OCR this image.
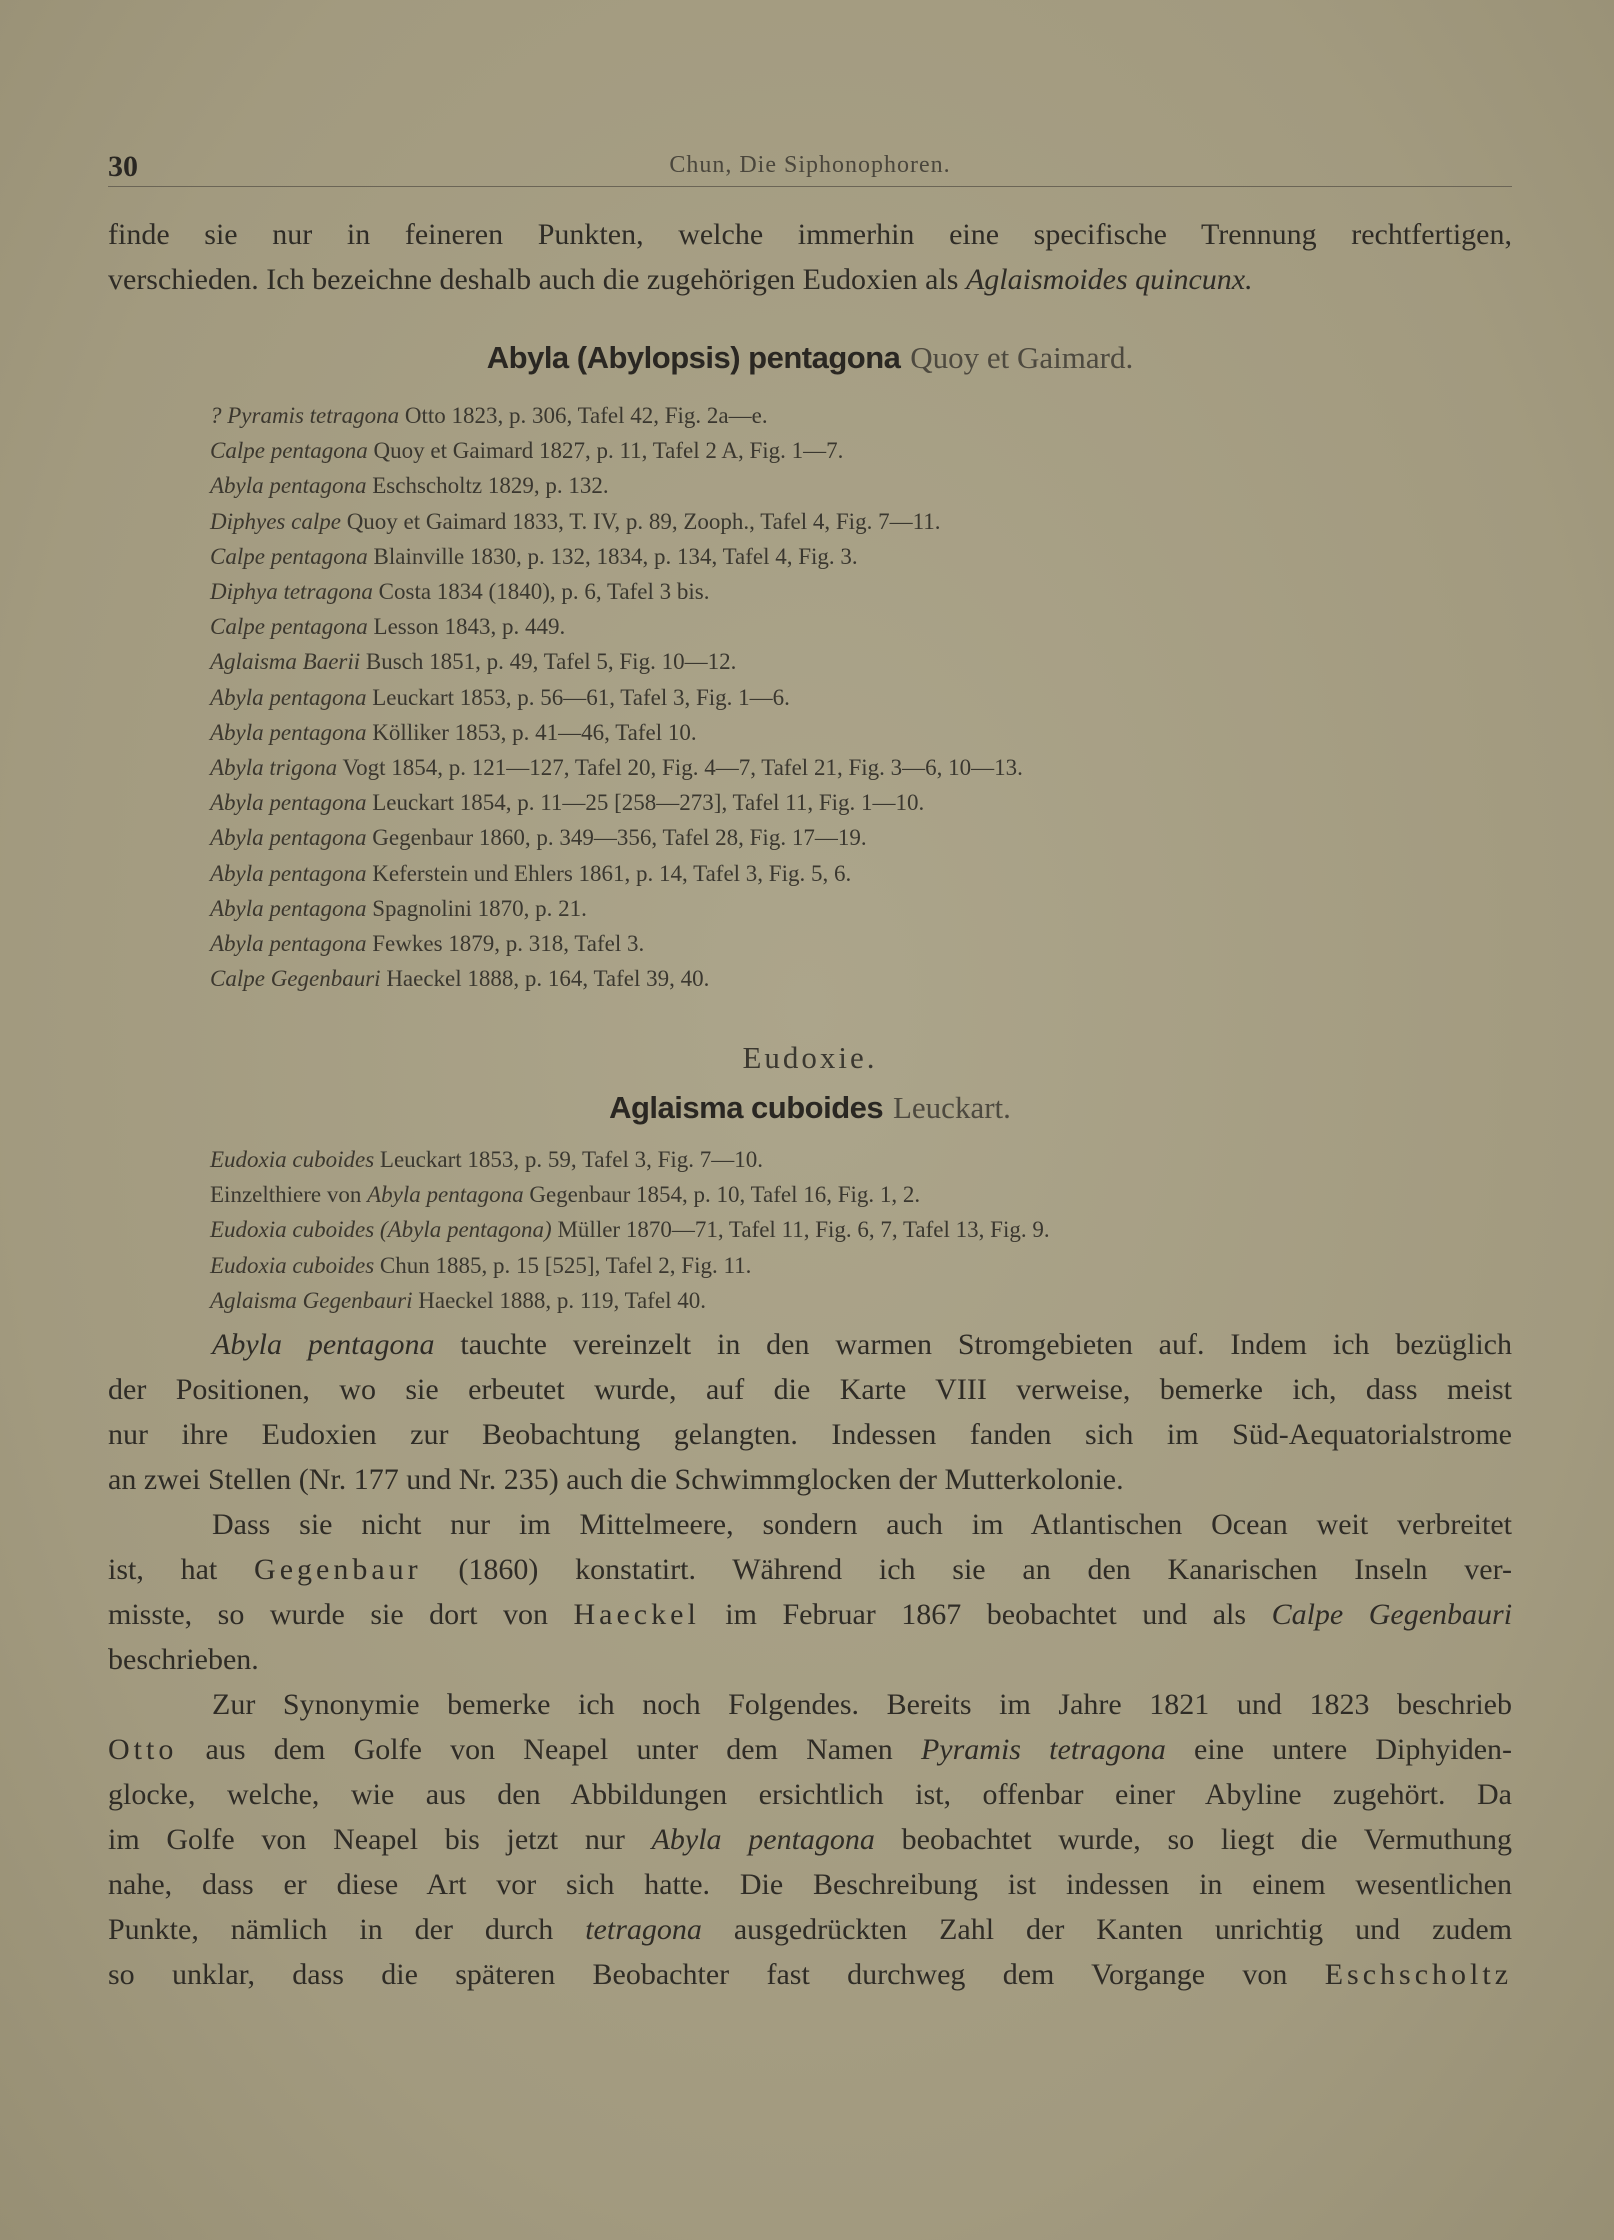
30	Chun, Die Siphonophoren.
finde sie nur in feineren Punkten, welche immerhin eine specifische Trennung rechtfertigen,
verschieden. Ich bezeichne deshalb auch die zugehörigen Eudoxien als Aglaismoides quincunx.
Abyla (Abylopsis) pentagona Quoy et Gaimard.
? Pyramis tetragona Otto 1823, p. 306, Tafel 42, Fig. 2a—e.
Calpe pentagona Quoy et Gaimard 1827, p. 11, Tafel 2 A, Fig. 1—7.
Abyla pentagona Eschscholtz 1829, p. 132.
Diphyes calpe Quoy et Gaimard 1833, T. IV, p. 89, Zooph., Tafel 4, Fig. 7—11.
Calpe pentagona Blainville 1830, p. 132, 1834, p. 134, Tafel 4, Fig. 3.
Diphya tetragona Costa 1834 (1840), p. 6, Tafel 3 bis.
Calpe pentagona Lesson 1843, p. 449.
Aglaisma Baerii Busch 1851, p. 49, Tafel 5, Fig. 10—12.
Abyla pentagona Leuckart 1853, p. 56—61, Tafel 3, Fig. 1—6.
Abyla pentagona Kölliker 1853, p. 41—46, Tafel 10.
Abyla trigona Vogt 1854, p. 121—127, Tafel 20, Fig. 4—7, Tafel 21, Fig. 3—6, 10—13.
Abyla pentagona Leuckart 1854, p. 11—25 [258—273], Tafel 11, Fig. 1—10.
Abyla pentagona Gegenbaur 1860, p. 349—356, Tafel 28, Fig. 17—19.
Abyla pentagona Keferstein und Ehlers 1861, p. 14, Tafel 3, Fig. 5, 6.
Abyla pentagona Spagnolini 1870, p. 21.
Abyla pentagona Fewkes 1879, p. 318, Tafel 3.
Calpe Gegenbauri Haeckel 1888, p. 164, Tafel 39, 40.
Eudoxie.
Aglaisma cuboides Leuckart.
Eudoxia cuboides Leuckart 1853, p. 59, Tafel 3, Fig. 7—10.
Einzelthiere von Abyla pentagona Gegenbaur 1854, p. 10, Tafel 16, Fig. 1, 2.
Eudoxia cuboides (Abyla pentagona) Müller 1870—71, Tafel 11, Fig. 6, 7, Tafel 13, Fig. 9.
Eudoxia cuboides Chun 1885, p. 15 [525], Tafel 2, Fig. 11.
Aglaisma Gegenbauri Haeckel 1888, p. 119, Tafel 40.
Abyla pentagona tauchte vereinzelt in den warmen Stromgebieten auf. Indem ich bezüglich
der Positionen, wo sie erbeutet wurde, auf die Karte VIII verweise, bemerke ich, dass meist
nur ihre Eudoxien zur Beobachtung gelangten. Indessen fanden sich im Süd-Aequatorialstrome
an zwei Stellen (Nr. 177 und Nr. 235) auch die Schwimmglocken der Mutterkolonie.
Dass sie nicht nur im Mittelmeere, sondern auch im Atlantischen Ocean weit verbreitet
ist, hat Gegenbaur (1860) konstatirt. Während ich sie an den Kanarischen Inseln ver-
misste, so wurde sie dort von Haeckel im Februar 1867 beobachtet und als Calpe Gegenbauri
beschrieben.
Zur Synonymie bemerke ich noch Folgendes. Bereits im Jahre 1821 und 1823 beschrieb
Otto aus dem Golfe von Neapel unter dem Namen Pyramis tetragona eine untere Diphyiden-
glocke, welche, wie aus den Abbildungen ersichtlich ist, offenbar einer Abyline zugehört. Da
im Golfe von Neapel bis jetzt nur Abyla pentagona beobachtet wurde, so liegt die Vermuthung
nahe, dass er diese Art vor sich hatte. Die Beschreibung ist indessen in einem wesentlichen
Punkte, nämlich in der durch tetragona ausgedrückten Zahl der Kanten unrichtig und zudem
so unklar, dass die späteren Beobachter fast durchweg dem Vorgange von Eschscholtz
